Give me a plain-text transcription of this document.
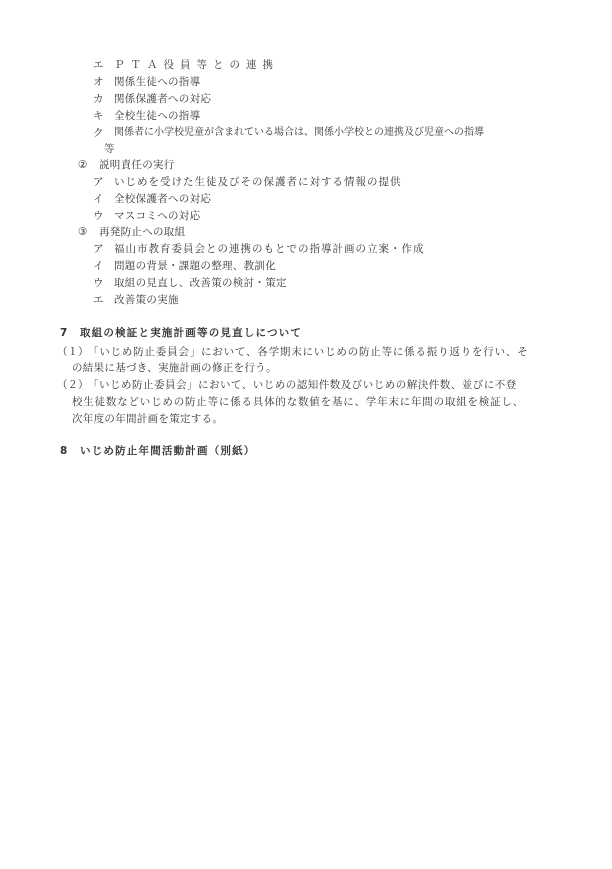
エ ＰＴＡ役員等との連携
オ 関係生徒への指導
カ 関係保護者への対応
キ 全校生徒への指導
ク 関係者に小学校児童が含まれている場合は、関係小学校との連携及び児童への指導
等
② 説明責任の実行
ア いじめを受けた生徒及びその保護者に対する情報の提供
イ 全校保護者への対応
ウ マスコミへの対応
③ 再発防止への取組
ア 福山市教育委員会との連携のもとでの指導計画の立案・作成
イ 問題の背景・課題の整理、教訓化
ウ 取組の見直し、改善策の検討・策定
エ 改善策の実施
7 取組の検証と実施計画等の見直しについて
（１） 「いじめ防止委員会」において、各学期末にいじめの防止等に係る振り返りを行い、そ
の結果に基づき、実施計画の修正を行う。
（２） 「いじめ防止委員会」において、いじめの認知件数及びいじめの解決件数、並びに不登
校生徒数などいじめの防止等に係る具体的な数値を基に、学年末に年間の取組を検証し、
次年度の年間計画を策定する。
8 いじめ防止年間活動計画（別紙）
